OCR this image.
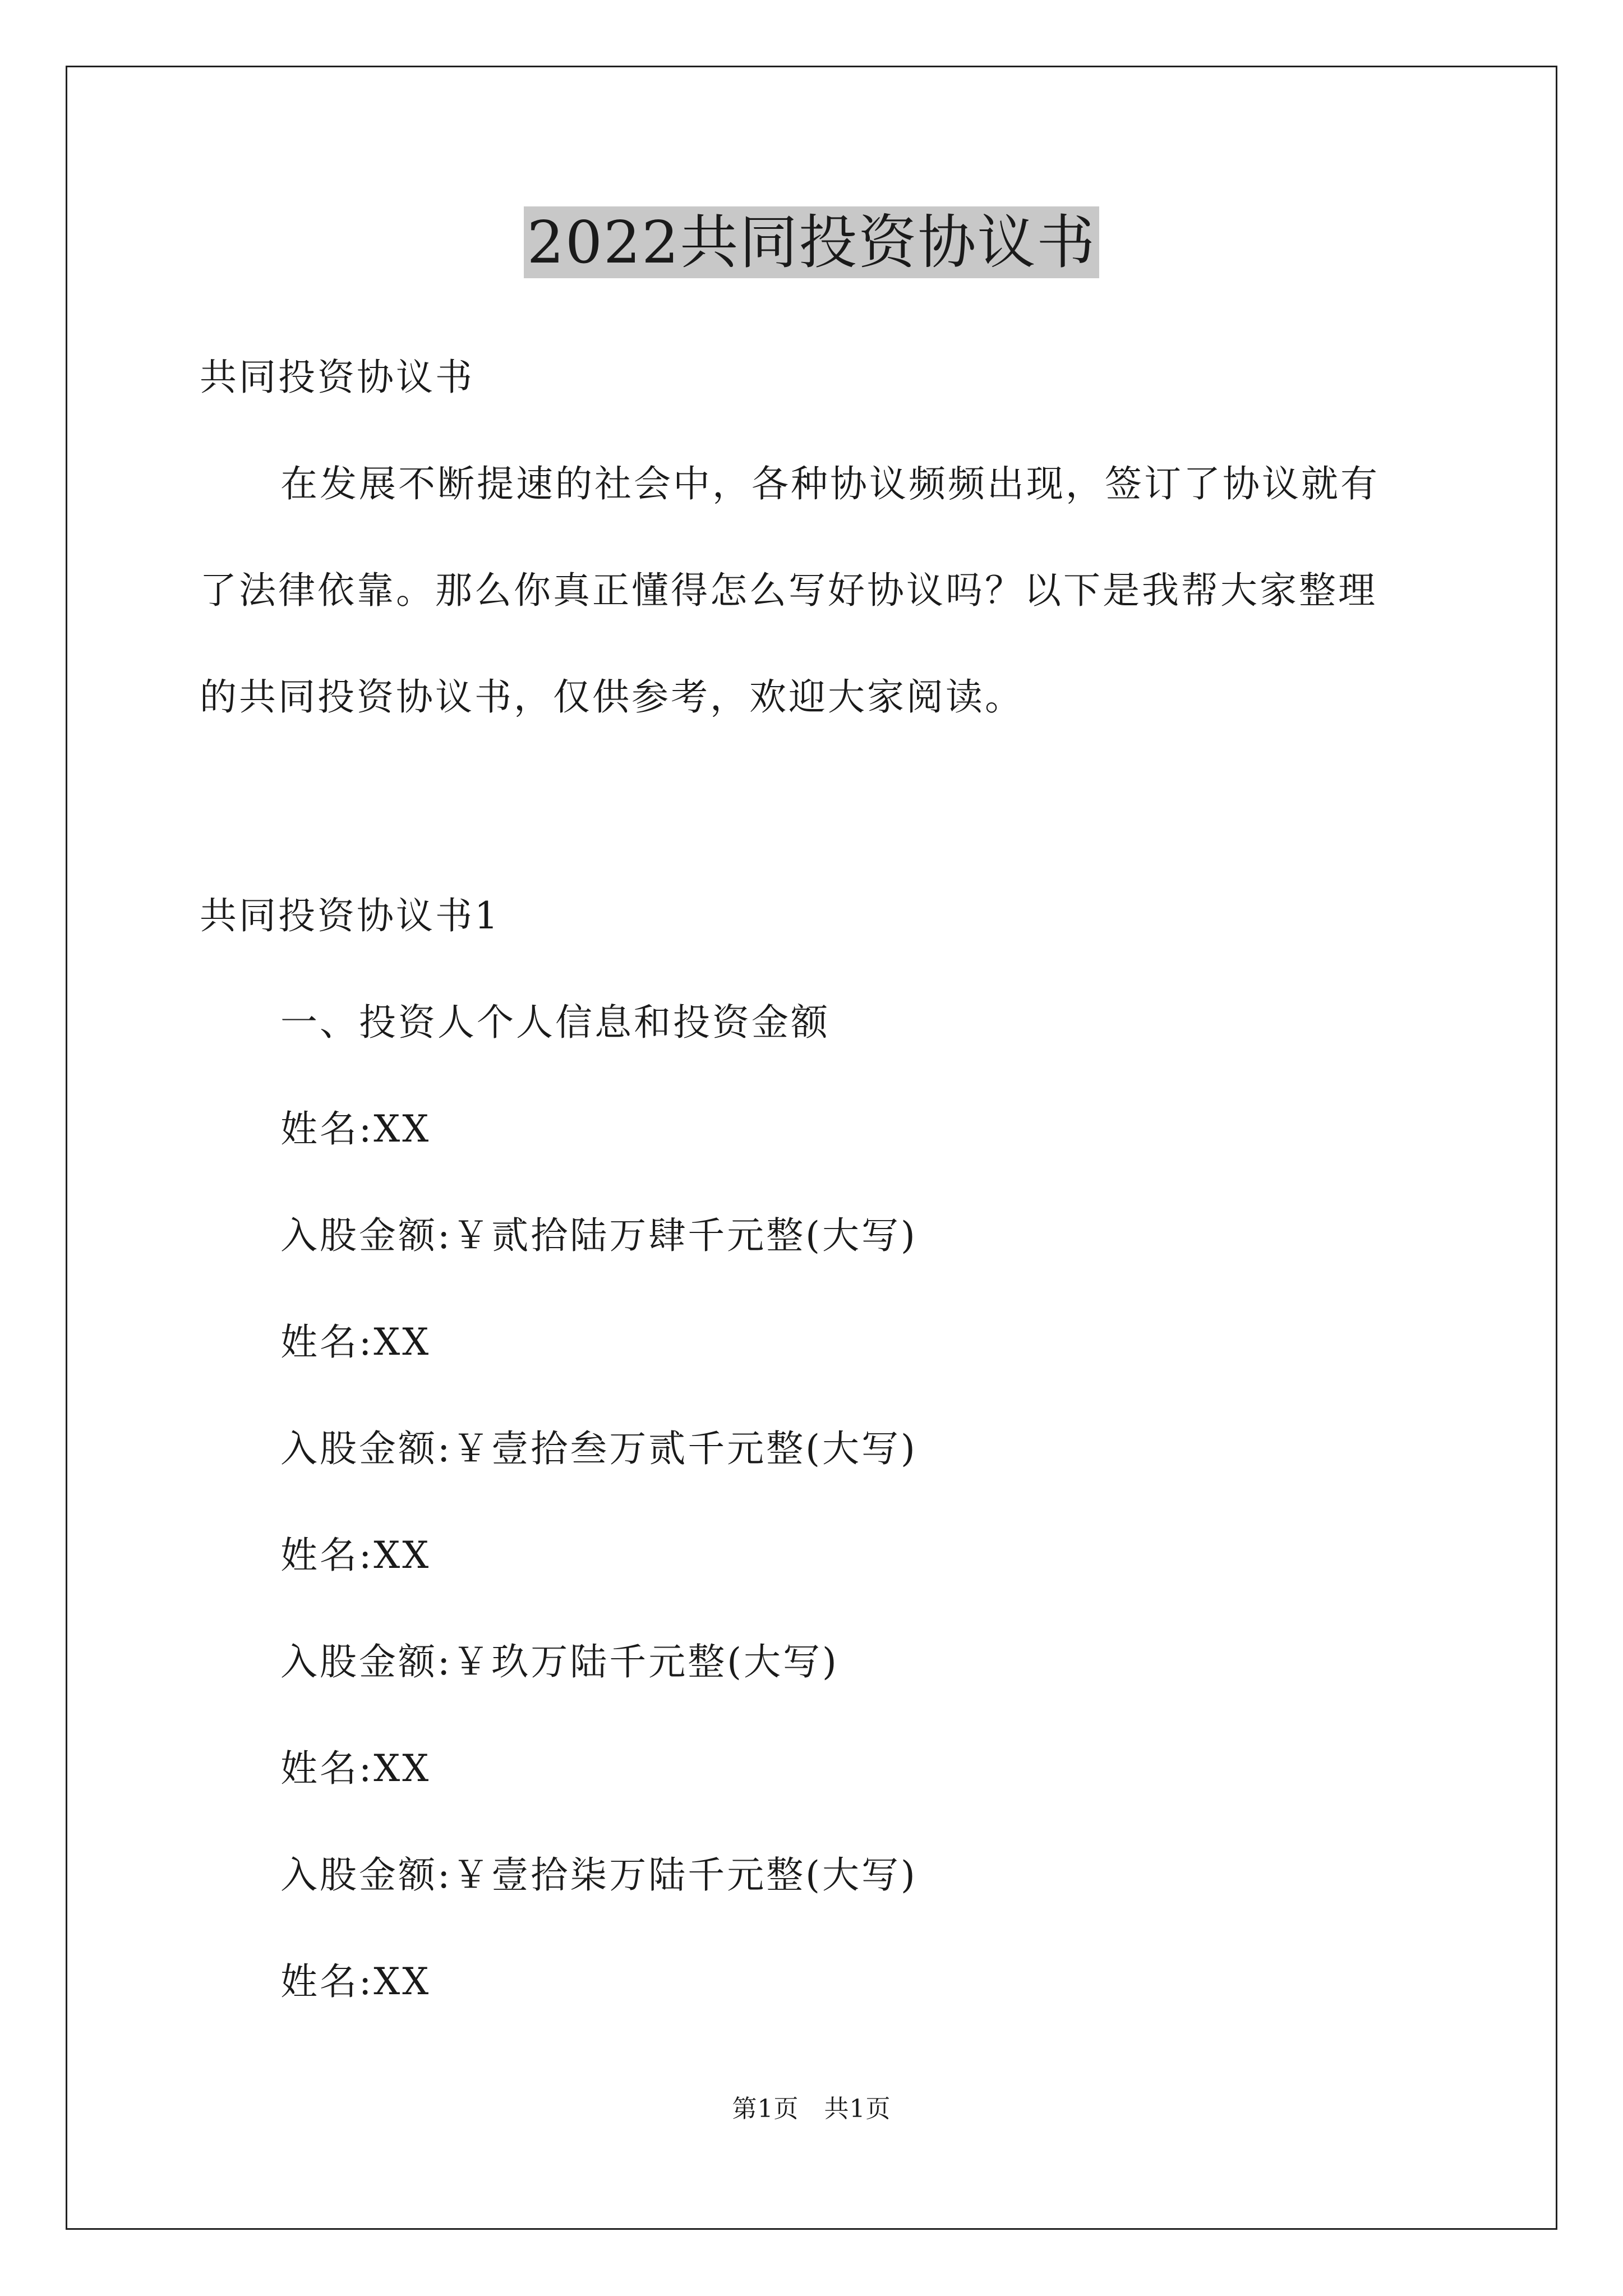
2022共同投资协议书
共同投资协议书
在发展不断提速的社会中，各种协议频频出现，签订了协议就有
了法律依靠。那么你真正懂得怎么写好协议吗？以下是我帮大家整理
的共同投资协议书，仅供参考，欢迎大家阅读。
共同投资协议书1
一、投资人个人信息和投资金额
姓名:XX
入股金额:￥贰拾陆万肆千元整(大写)
姓名:XX
入股金额:￥壹拾叁万贰千元整(大写)
姓名:XX
入股金额:￥玖万陆千元整(大写)
姓名:XX
入股金额:￥壹拾柒万陆千元整(大写)
姓名:XX
第1页　共1页
